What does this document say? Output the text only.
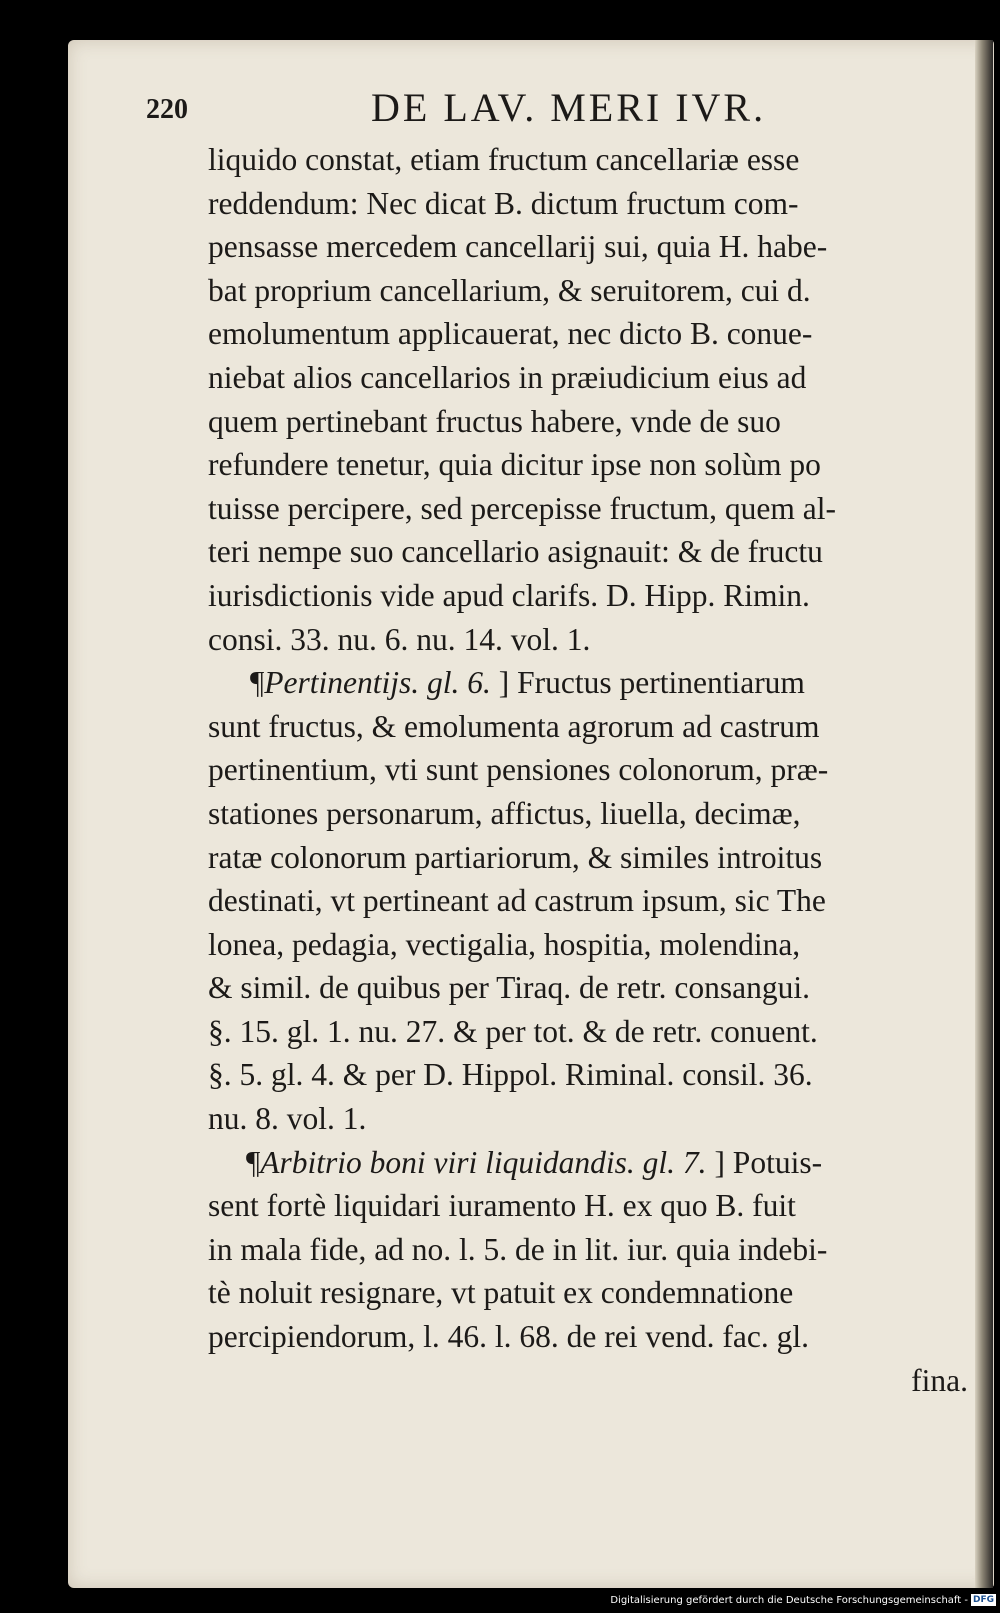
220	DE LAV. MERI IVR.
liquido constat, etiam fructum cancellariæ esse
reddendum: Nec dicat B. dictum fructum com-
pensasse mercedem cancellarij sui, quia H. habe-
bat proprium cancellarium, & seruitorem, cui d.
emolumentum applicauerat, nec dicto B. conue-
niebat alios cancellarios in præiudicium eius ad
quem pertinebant fructus habere, vnde de suo
refundere tenetur, quia dicitur ipse non solùm po
tuisse percipere, sed percepisse fructum, quem al-
teri nempe suo cancellario asignauit: & de fructu
iurisdictionis vide apud clarifs. D. Hipp. Rimin.
consi. 33. nu. 6. nu. 14. vol. 1.
¶Pertinentijs. gl. 6. ] Fructus pertinentiarum
sunt fructus, & emolumenta agrorum ad castrum
pertinentium, vti sunt pensiones colonorum, præ-
stationes personarum, affictus, liuella, decimæ,
ratæ colonorum partiariorum, & similes introitus
destinati, vt pertineant ad castrum ipsum, sic The
lonea, pedagia, vectigalia, hospitia, molendina,
& simil. de quibus per Tiraq. de retr. consangui.
§. 15. gl. 1. nu. 27. & per tot. & de retr. conuent.
§. 5. gl. 4. & per D. Hippol. Riminal. consil. 36.
nu. 8. vol. 1.
¶Arbitrio boni viri liquidandis. gl. 7. ] Potuis-
sent fortè liquidari iuramento H. ex quo B. fuit
in mala fide, ad no. l. 5. de in lit. iur. quia indebi-
tè noluit resignare, vt patuit ex condemnatione
percipiendorum, l. 46. l. 68. de rei vend. fac. gl.
fina.
Digitalisierung gefördert durch die Deutsche Forschungsgemeinschaft - DFG
